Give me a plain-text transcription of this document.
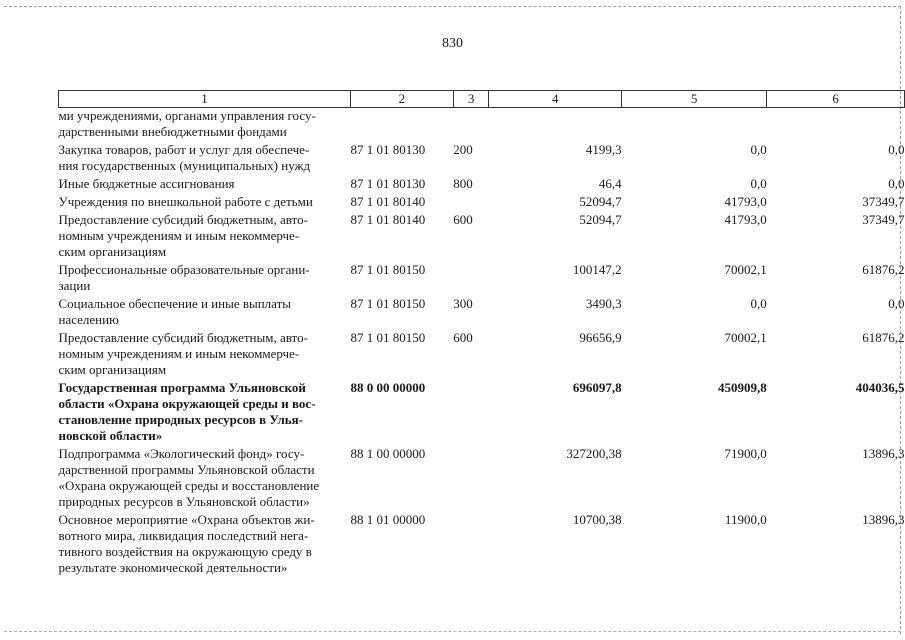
830
1	2	3	4	5	6
ми учреждениями, органами управления госу-
дарственными внебюджетными фондами					
Закупка товаров, работ и услуг для обеспече-
ния государственных (муниципальных) нужд	87 1 01 80130	200	4199,3	0,0	0,0
Иные бюджетные ассигнования	87 1 01 80130	800	46,4	0,0	0,0
Учреждения по внешкольной работе с детьми	87 1 01 80140		52094,7	41793,0	37349,7
Предоставление субсидий бюджетным, авто-
номным учреждениям и иным некоммерче-
ским организациям	87 1 01 80140	600	52094,7	41793,0	37349,7
Профессиональные образовательные органи-
зации	87 1 01 80150		100147,2	70002,1	61876,2
Социальное обеспечение и иные выплаты
населению	87 1 01 80150	300	3490,3	0,0	0,0
Предоставление субсидий бюджетным, авто-
номным учреждениям и иным некоммерче-
ским организациям	87 1 01 80150	600	96656,9	70002,1	61876,2
Государственная программа Ульяновской
области «Охрана окружающей среды и вос-
становление природных ресурсов в Улья-
новской области»	88 0 00 00000		696097,8	450909,8	404036,5
Подпрограмма «Экологический фонд» госу-
дарственной программы Ульяновской области
«Охрана окружающей среды и восстановление
природных ресурсов в Ульяновской области»	88 1 00 00000		327200,38	71900,0	13896,3
Основное мероприятие «Охрана объектов жи-
вотного мира, ликвидация последствий нега-
тивного воздействия на окружающую среду в
результате экономической деятельности»	88 1 01 00000		10700,38	11900,0	13896,3
